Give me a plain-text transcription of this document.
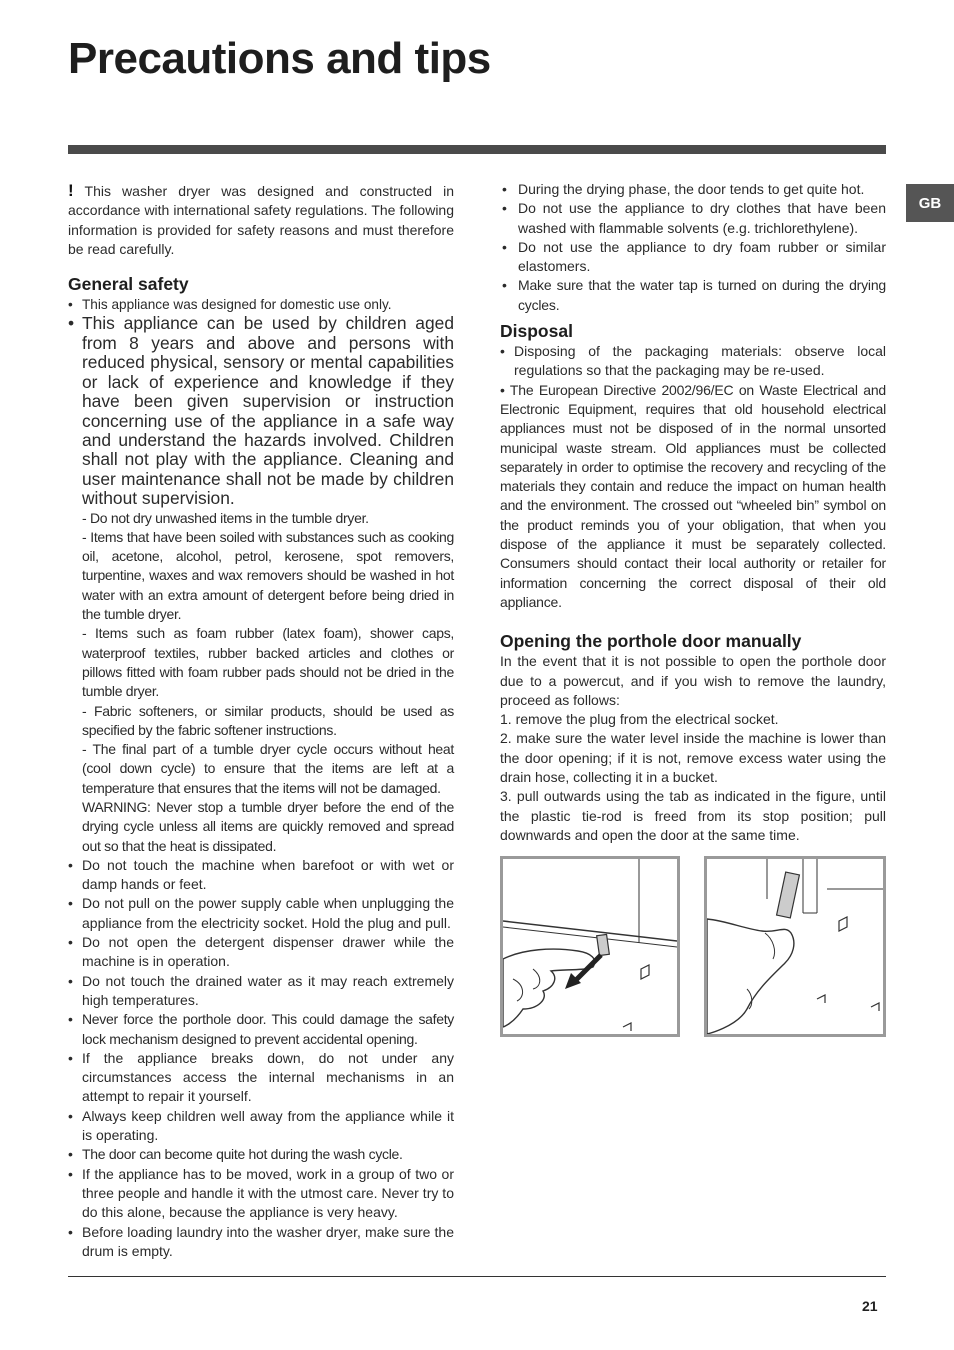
Precautions and tips
GB

! This washer dryer was designed and constructed in accordance with international safety regulations. The following information is provided for safety reasons and must therefore be read carefully.

General safety
• This appliance was designed for domestic use only.
• This appliance can be used by children aged from 8 years and above and persons with reduced physical, sensory or mental capabilities or lack of experience and knowledge if they have been given supervision or instruction concerning use of the appliance in a safe way and understand the hazards involved. Children shall not play with the appliance. Cleaning and user maintenance shall not be made by children without supervision.

- Do not dry unwashed items in the tumble dryer.

- Items that have been soiled with substances such as cooking oil, acetone, alcohol, petrol, kerosene, spot removers, turpentine, waxes and wax removers should be washed in hot water with an extra amount of detergent before being dried in the tumble dryer.

- Items such as foam rubber (latex foam), shower caps, waterproof textiles, rubber backed articles and clothes or pillows fitted with foam rubber pads should not be dried in the tumble dryer.

- Fabric softeners, or similar products, should be used as specified by the fabric softener instructions.

- The final part of a tumble dryer cycle occurs without heat (cool down cycle) to ensure that the items are left at a temperature that ensures that the items will not be damaged.

WARNING: Never stop a tumble dryer before the end of the drying cycle unless all items are quickly removed and spread out so that the heat is dissipated.

• Do not touch the machine when barefoot or with wet or damp hands or feet.
• Do not pull on the power supply cable when unplugging the appliance from the electricity socket. Hold the plug and pull.
• Do not open the detergent dispenser drawer while the machine is in operation.
• Do not touch the drained water as it may reach extremely high temperatures.
• Never force the porthole door. This could damage the safety lock mechanism designed to prevent accidental opening.
• If the appliance breaks down, do not under any circumstances access the internal mechanisms in an attempt to repair it yourself.
• Always keep children well away from the appliance while it is operating.
• The door can become quite hot during the wash cycle.
• If the appliance has to be moved, work in a group of two or three people and handle it with the utmost care. Never try to do this alone, because the appliance is very heavy.
• Before loading laundry into the washer dryer, make sure the drum is empty.
• During the drying phase, the door tends to get quite hot.
• Do not use the appliance to dry clothes that have been washed with flammable solvents (e.g. trichlorethylene).
• Do not use the appliance to dry foam rubber or similar elastomers.
• Make sure that the water tap is turned on during the drying cycles.
Disposal

• Disposing of the packaging materials: observe local regulations so that the packaging may be re-used.

• The European Directive 2002/96/EC on Waste Electrical and Electronic Equipment, requires that old household electrical appliances must not be disposed of in the normal unsorted municipal waste stream. Old appliances must be collected separately in order to optimise the recovery and recycling of the materials they contain and reduce the impact on human health and the environment. The crossed out “wheeled bin” symbol on the product reminds you of your obligation, that when you dispose of the appliance it must be separately collected. Consumers should contact their local authority or retailer for information concerning the correct disposal of their old appliance.

Opening the porthole door manually

In the event that it is not possible to open the porthole door due to a powercut, and if you wish to remove the laundry, proceed as follows:

1. remove the plug from the electrical socket.

2. make sure the water level inside the machine is lower than the door opening; if it is not, remove excess water using the drain hose, collecting it in a bucket.

3. pull outwards using the tab as indicated in the figure, until the plastic tie-rod is freed from its stop position; pull downwards and open the door at the same time.

21
